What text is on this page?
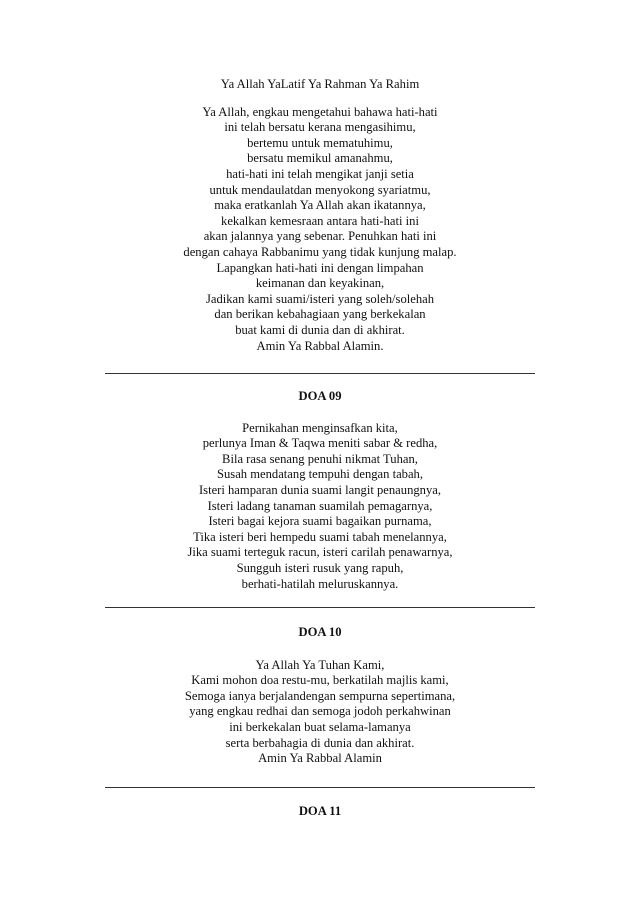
Ya Allah YaLatif Ya Rahman Ya Rahim
Ya Allah, engkau mengetahui bahawa hati-hati
ini telah bersatu kerana mengasihimu,
bertemu untuk mematuhimu,
bersatu memikul amanahmu,
hati-hati ini telah mengikat janji setia
untuk mendaulatdan menyokong syariatmu,
maka eratkanlah Ya Allah akan ikatannya,
kekalkan kemesraan antara hati-hati ini
akan jalannya yang sebenar. Penuhkan hati ini
dengan cahaya Rabbanimu yang tidak kunjung malap.
Lapangkan hati-hati ini dengan limpahan
keimanan dan keyakinan,
Jadikan kami suami/isteri yang soleh/solehah
dan berikan kebahagiaan yang berkekalan
buat kami di dunia dan di akhirat.
Amin Ya Rabbal Alamin.
DOA 09
Pernikahan menginsafkan kita,
perlunya Iman & Taqwa meniti sabar & redha,
Bila rasa senang penuhi nikmat Tuhan,
Susah mendatang tempuhi dengan tabah,
Isteri hamparan dunia suami langit penaungnya,
Isteri ladang tanaman suamilah pemagarnya,
Isteri bagai kejora suami bagaikan purnama,
Tika isteri beri hempedu suami tabah menelannya,
Jika suami terteguk racun, isteri carilah penawarnya,
Sungguh isteri rusuk yang rapuh,
berhati-hatilah meluruskannya.
DOA 10
Ya Allah Ya Tuhan Kami,
Kami mohon doa restu-mu, berkatilah majlis kami,
Semoga ianya berjalandengan sempurna sepertimana,
yang engkau redhai dan semoga jodoh perkahwinan
ini berkekalan buat selama-lamanya
serta berbahagia di dunia dan akhirat.
Amin Ya Rabbal Alamin
DOA 11
